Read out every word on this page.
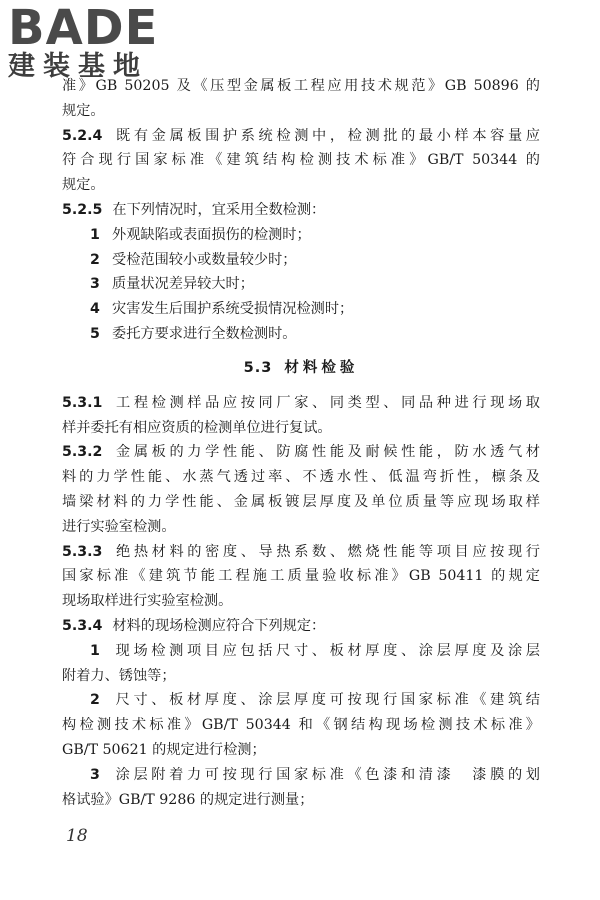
BADE
建装基地
准》GB 50205 及《压型金属板工程应用技术规范》GB 50896 的
规定。
5.2.4 既有金属板围护系统检测中，检测批的最小样本容量应
符合现行国家标准《建筑结构检测技术标准》GB/T 50344 的
规定。
5.2.5 在下列情况时，宜采用全数检测：
1 外观缺陷或表面损伤的检测时；
2 受检范围较小或数量较少时；
3 质量状况差异较大时；
4 灾害发生后围护系统受损情况检测时；
5 委托方要求进行全数检测时。
5.3 材料检验
5.3.1 工程检测样品应按同厂家、同类型、同品种进行现场取
样并委托有相应资质的检测单位进行复试。
5.3.2 金属板的力学性能、防腐性能及耐候性能，防水透气材
料的力学性能、水蒸气透过率、不透水性、低温弯折性，檩条及
墙梁材料的力学性能、金属板镀层厚度及单位质量等应现场取样
进行实验室检测。
5.3.3 绝热材料的密度、导热系数、燃烧性能等项目应按现行
国家标准《建筑节能工程施工质量验收标准》GB 50411 的规定
现场取样进行实验室检测。
5.3.4 材料的现场检测应符合下列规定：
1 现场检测项目应包括尺寸、板材厚度、涂层厚度及涂层
附着力、锈蚀等；
2 尺寸、板材厚度、涂层厚度可按现行国家标准《建筑结
构检测技术标准》GB/T 50344 和《钢结构现场检测技术标准》
GB/T 50621 的规定进行检测；
3 涂层附着力可按现行国家标准《色漆和清漆　漆膜的划
格试验》GB/T 9286 的规定进行测量；
18
